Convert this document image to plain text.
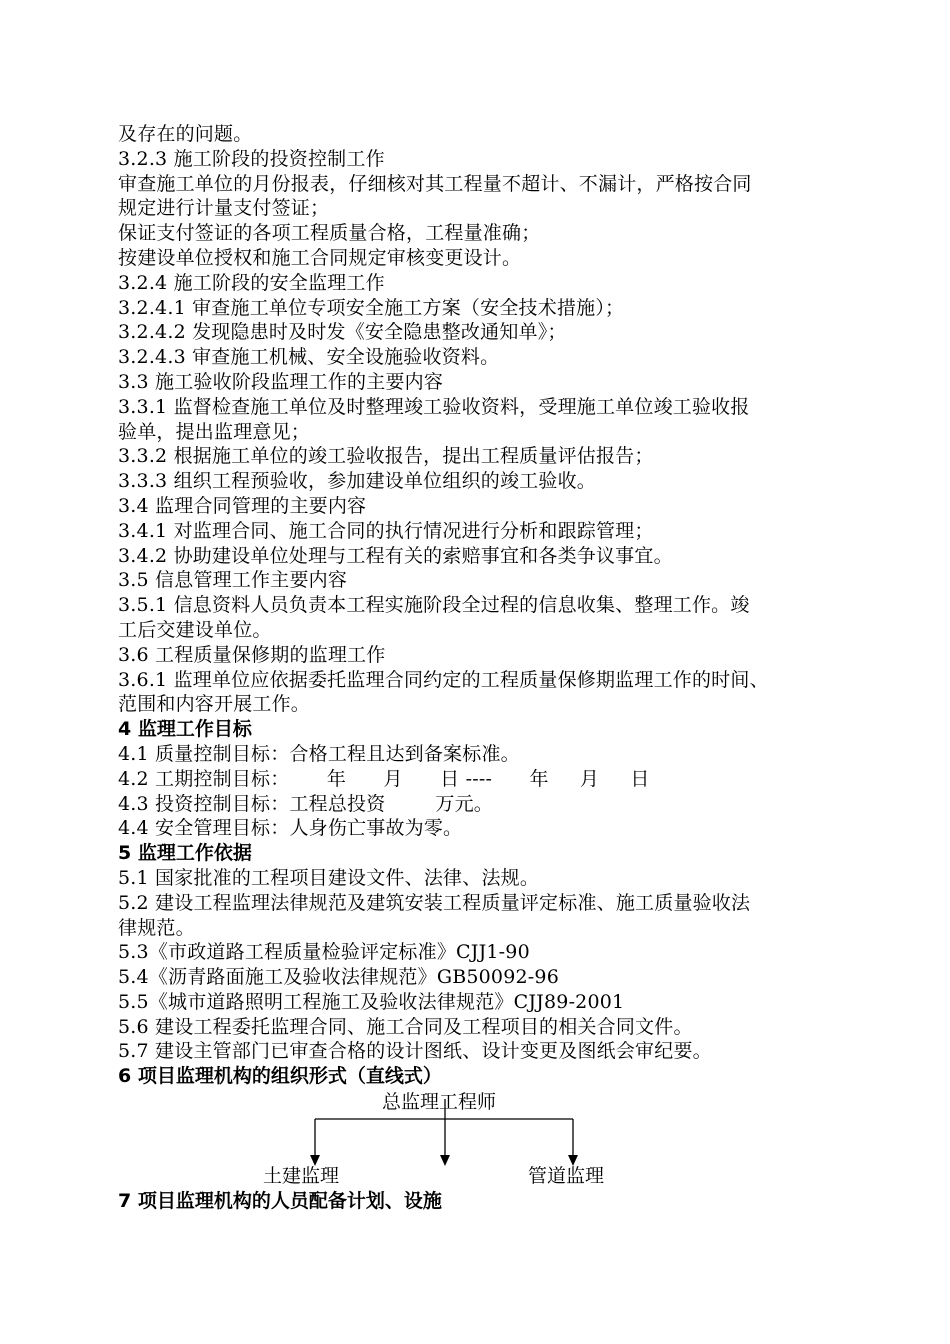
及存在的问题。

3.2.3 施工阶段的投资控制工作

审查施工单位的月份报表，仔细核对其工程量不超计、不漏计，严格按合同

规定进行计量支付签证；

保证支付签证的各项工程质量合格，工程量准确；

按建设单位授权和施工合同规定审核变更设计。

3.2.4 施工阶段的安全监理工作

3.2.4.1 审查施工单位专项安全施工方案（安全技术措施）；

3.2.4.2 发现隐患时及时发《安全隐患整改通知单》；

3.2.4.3 审查施工机械、安全设施验收资料。

3.3 施工验收阶段监理工作的主要内容

3.3.1 监督检查施工单位及时整理竣工验收资料，受理施工单位竣工验收报

验单，提出监理意见；

3.3.2 根据施工单位的竣工验收报告，提出工程质量评估报告；

3.3.3 组织工程预验收，参加建设单位组织的竣工验收。

3.4 监理合同管理的主要内容

3.4.1 对监理合同、施工合同的执行情况进行分析和跟踪管理；

3.4.2 协助建设单位处理与工程有关的索赔事宜和各类争议事宜。

3.5 信息管理工作主要内容

3.5.1 信息资料人员负责本工程实施阶段全过程的信息收集、整理工作。竣

工后交建设单位。

3.6 工程质量保修期的监理工作

3.6.1 监理单位应依据委托监理合同约定的工程质量保修期监理工作的时间、

范围和内容开展工作。

4 监理工作目标

4.1 质量控制目标：合格工程且达到备案标准。

4.2 工期控制目标：      年      月      日 ----      年     月     日

4.3 投资控制目标：工程总投资        万元。

4.4 安全管理目标：人身伤亡事故为零。

5 监理工作依据

5.1 国家批准的工程项目建设文件、法律、法规。

5.2 建设工程监理法律规范及建筑安装工程质量评定标准、施工质量验收法

律规范。

5.3《市政道路工程质量检验评定标准》CJJ1-90

5.4《沥青路面施工及验收法律规范》GB50092-96

5.5《城市道路照明工程施工及验收法律规范》CJJ89-2001

5.6 建设工程委托监理合同、施工合同及工程项目的相关合同文件。

5.7 建设主管部门已审查合格的设计图纸、设计变更及图纸会审纪要。

6 项目监理机构的组织形式（直线式）

总监理工程师
土建监理	管道监理

7 项目监理机构的人员配备计划、设施
